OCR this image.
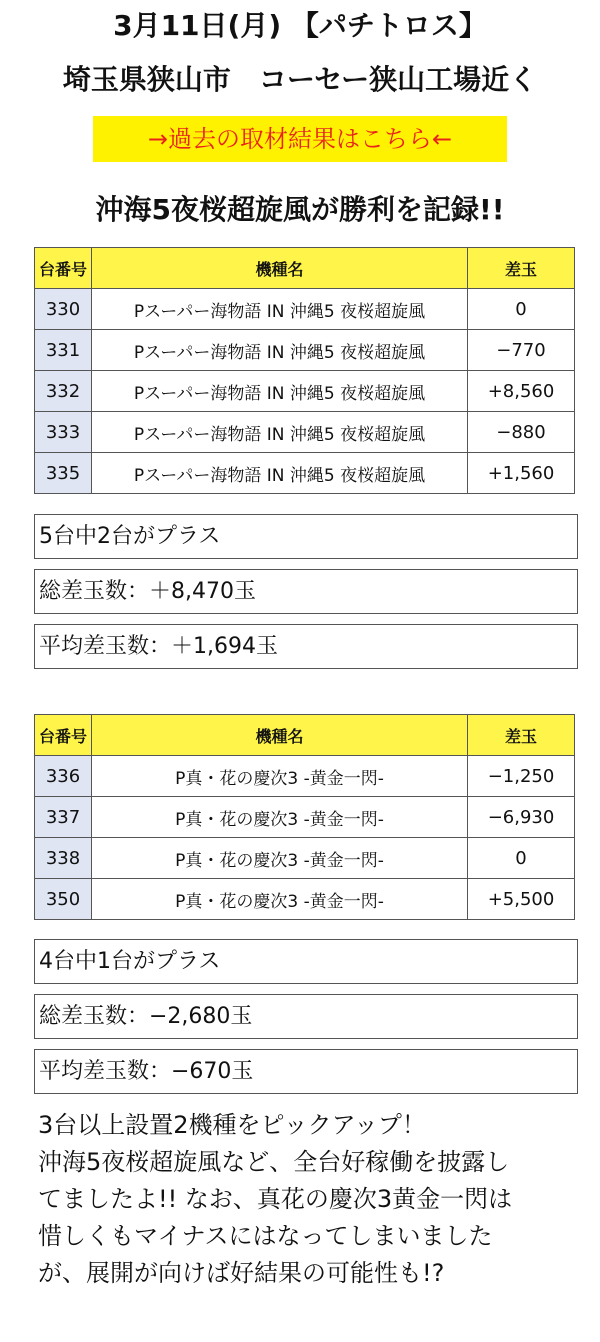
3月11日(月) 【パチトロス】
埼玉県狭山市　コーセー狭山工場近く
→過去の取材結果はこちら←
沖海5夜桜超旋風が勝利を記録!!
台番号	機種名	差玉
330	Pスーパー海物語 IN 沖縄5 夜桜超旋風	0
331	Pスーパー海物語 IN 沖縄5 夜桜超旋風	−770
332	Pスーパー海物語 IN 沖縄5 夜桜超旋風	+8,560
333	Pスーパー海物語 IN 沖縄5 夜桜超旋風	−880
335	Pスーパー海物語 IN 沖縄5 夜桜超旋風	+1,560
5台中2台がプラス
総差玉数：＋8,470玉
平均差玉数：＋1,694玉
台番号	機種名	差玉
336	P真・花の慶次3 -黄金一閃-	−1,250
337	P真・花の慶次3 -黄金一閃-	−6,930
338	P真・花の慶次3 -黄金一閃-	0
350	P真・花の慶次3 -黄金一閃-	+5,500
4台中1台がプラス
総差玉数：−2,680玉
平均差玉数：−670玉
3台以上設置2機種をピックアップ！
沖海5夜桜超旋風など、全台好稼働を披露し
てましたよ!! なお、真花の慶次3黄金一閃は
惜しくもマイナスにはなってしまいました
が、展開が向けば好結果の可能性も!?
